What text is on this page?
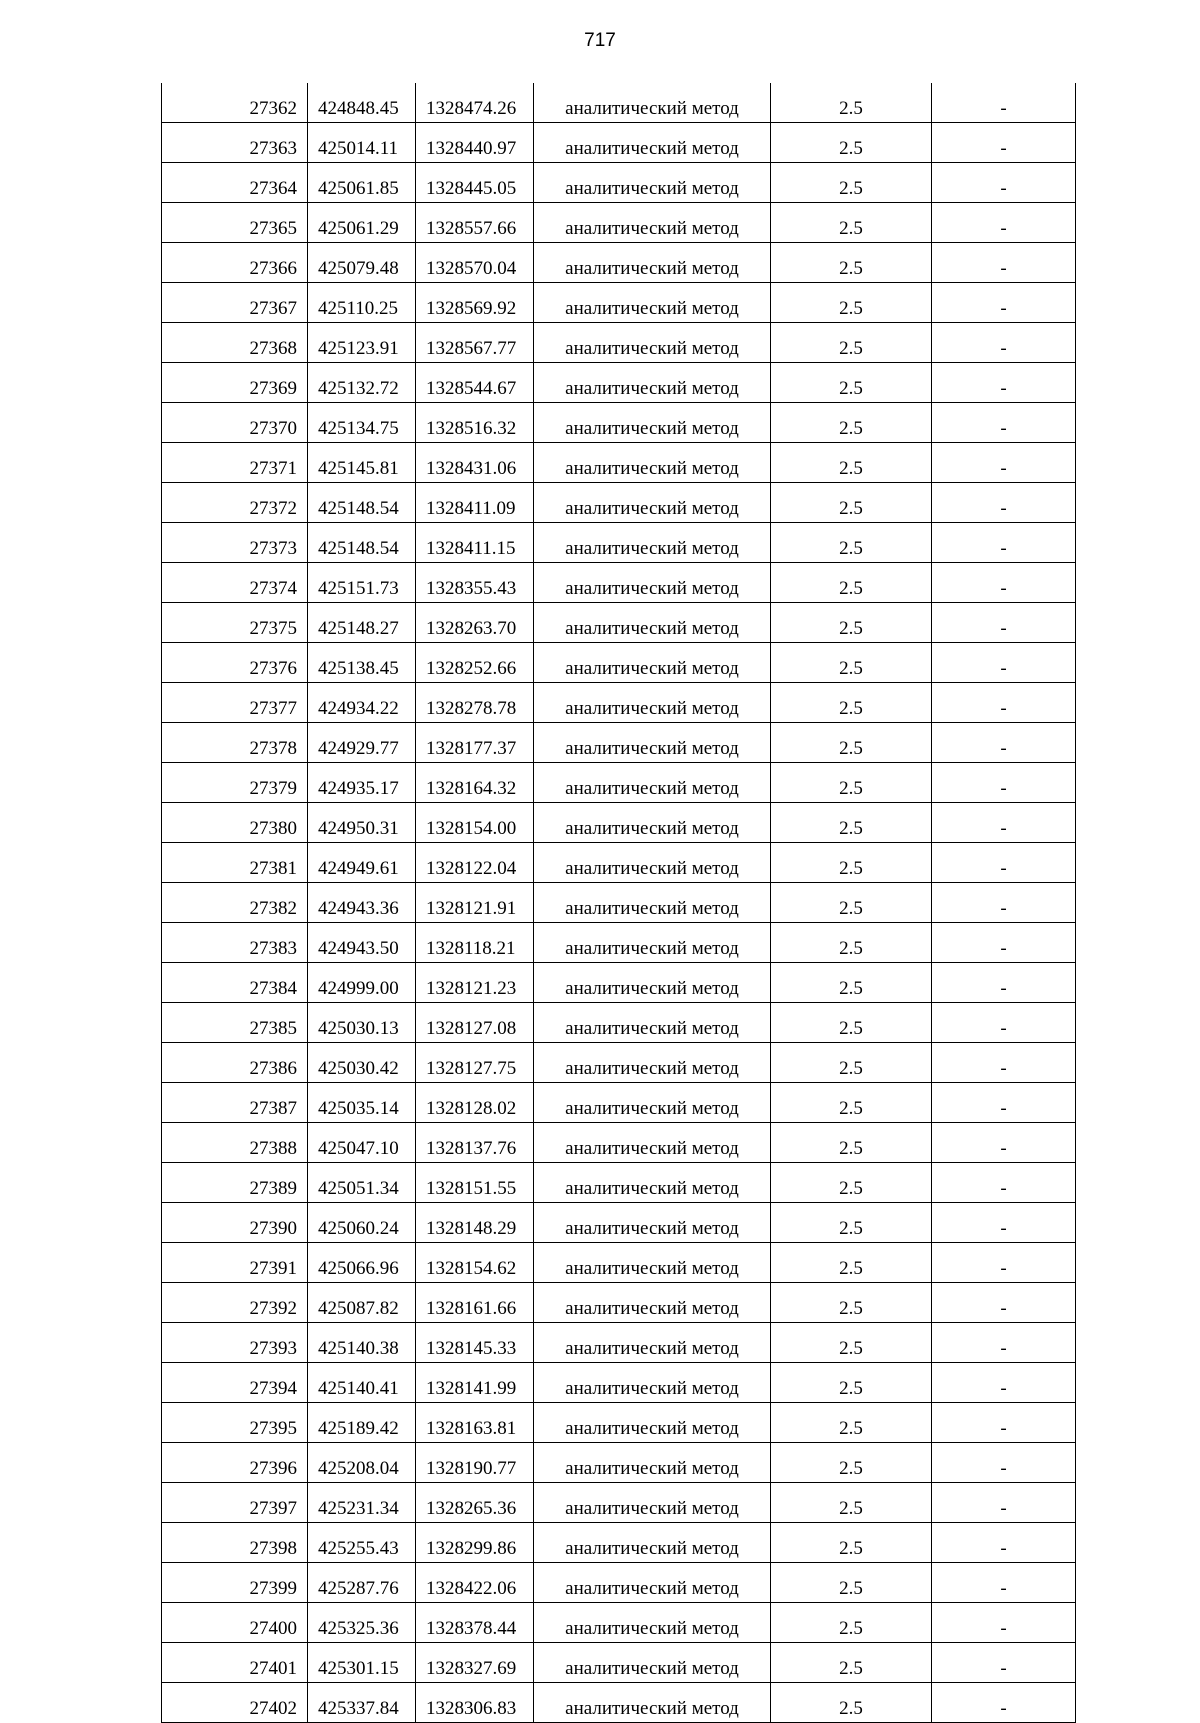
717
27362	424848.45	1328474.26	аналитический метод	2.5	-
27363	425014.11	1328440.97	аналитический метод	2.5	-
27364	425061.85	1328445.05	аналитический метод	2.5	-
27365	425061.29	1328557.66	аналитический метод	2.5	-
27366	425079.48	1328570.04	аналитический метод	2.5	-
27367	425110.25	1328569.92	аналитический метод	2.5	-
27368	425123.91	1328567.77	аналитический метод	2.5	-
27369	425132.72	1328544.67	аналитический метод	2.5	-
27370	425134.75	1328516.32	аналитический метод	2.5	-
27371	425145.81	1328431.06	аналитический метод	2.5	-
27372	425148.54	1328411.09	аналитический метод	2.5	-
27373	425148.54	1328411.15	аналитический метод	2.5	-
27374	425151.73	1328355.43	аналитический метод	2.5	-
27375	425148.27	1328263.70	аналитический метод	2.5	-
27376	425138.45	1328252.66	аналитический метод	2.5	-
27377	424934.22	1328278.78	аналитический метод	2.5	-
27378	424929.77	1328177.37	аналитический метод	2.5	-
27379	424935.17	1328164.32	аналитический метод	2.5	-
27380	424950.31	1328154.00	аналитический метод	2.5	-
27381	424949.61	1328122.04	аналитический метод	2.5	-
27382	424943.36	1328121.91	аналитический метод	2.5	-
27383	424943.50	1328118.21	аналитический метод	2.5	-
27384	424999.00	1328121.23	аналитический метод	2.5	-
27385	425030.13	1328127.08	аналитический метод	2.5	-
27386	425030.42	1328127.75	аналитический метод	2.5	-
27387	425035.14	1328128.02	аналитический метод	2.5	-
27388	425047.10	1328137.76	аналитический метод	2.5	-
27389	425051.34	1328151.55	аналитический метод	2.5	-
27390	425060.24	1328148.29	аналитический метод	2.5	-
27391	425066.96	1328154.62	аналитический метод	2.5	-
27392	425087.82	1328161.66	аналитический метод	2.5	-
27393	425140.38	1328145.33	аналитический метод	2.5	-
27394	425140.41	1328141.99	аналитический метод	2.5	-
27395	425189.42	1328163.81	аналитический метод	2.5	-
27396	425208.04	1328190.77	аналитический метод	2.5	-
27397	425231.34	1328265.36	аналитический метод	2.5	-
27398	425255.43	1328299.86	аналитический метод	2.5	-
27399	425287.76	1328422.06	аналитический метод	2.5	-
27400	425325.36	1328378.44	аналитический метод	2.5	-
27401	425301.15	1328327.69	аналитический метод	2.5	-
27402	425337.84	1328306.83	аналитический метод	2.5	-
